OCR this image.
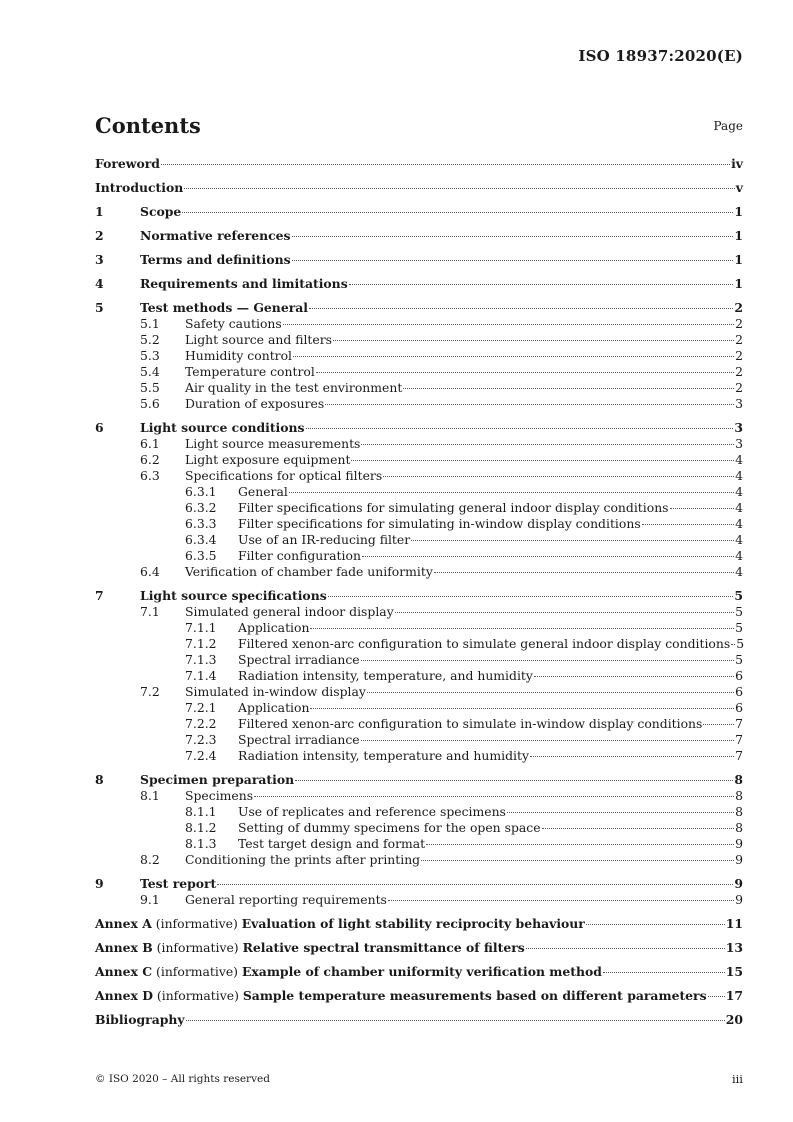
ISO 18937:2020(E)
Contents	Page
Foreword	iv
Introduction	v
1	Scope	1
2	Normative references	1
3	Terms and definitions	1
4	Requirements and limitations	1
5	Test methods — General	2
5.1	Safety cautions	2
5.2	Light source and filters	2
5.3	Humidity control	2
5.4	Temperature control	2
5.5	Air quality in the test environment	2
5.6	Duration of exposures	3
6	Light source conditions	3
6.1	Light source measurements	3
6.2	Light exposure equipment	4
6.3	Specifications for optical filters	4
6.3.1	General	4
6.3.2	Filter specifications for simulating general indoor display conditions	4
6.3.3	Filter specifications for simulating in-window display conditions	4
6.3.4	Use of an IR-reducing filter	4
6.3.5	Filter configuration	4
6.4	Verification of chamber fade uniformity	4
7	Light source specifications	5
7.1	Simulated general indoor display	5
7.1.1	Application	5
7.1.2	Filtered xenon-arc configuration to simulate general indoor display conditions 5
7.1.3	Spectral irradiance	5
7.1.4	Radiation intensity, temperature, and humidity	6
7.2	Simulated in-window display	6
7.2.1	Application	6
7.2.2	Filtered xenon-arc configuration to simulate in-window display conditions	7
7.2.3	Spectral irradiance	7
7.2.4	Radiation intensity, temperature and humidity	7
8	Specimen preparation	8
8.1	Specimens	8
8.1.1	Use of replicates and reference specimens	8
8.1.2	Setting of dummy specimens for the open space	8
8.1.3	Test target design and format	9
8.2	Conditioning the prints after printing	9
9	Test report	9
9.1	General reporting requirements	9
Annex A (informative) Evaluation of light stability reciprocity behaviour	11
Annex B (informative) Relative spectral transmittance of filters	13
Annex C (informative) Example of chamber uniformity verification method	15
Annex D (informative) Sample temperature measurements based on different parameters 17
Bibliography	20
© ISO 2020 – All rights reserved	iii
